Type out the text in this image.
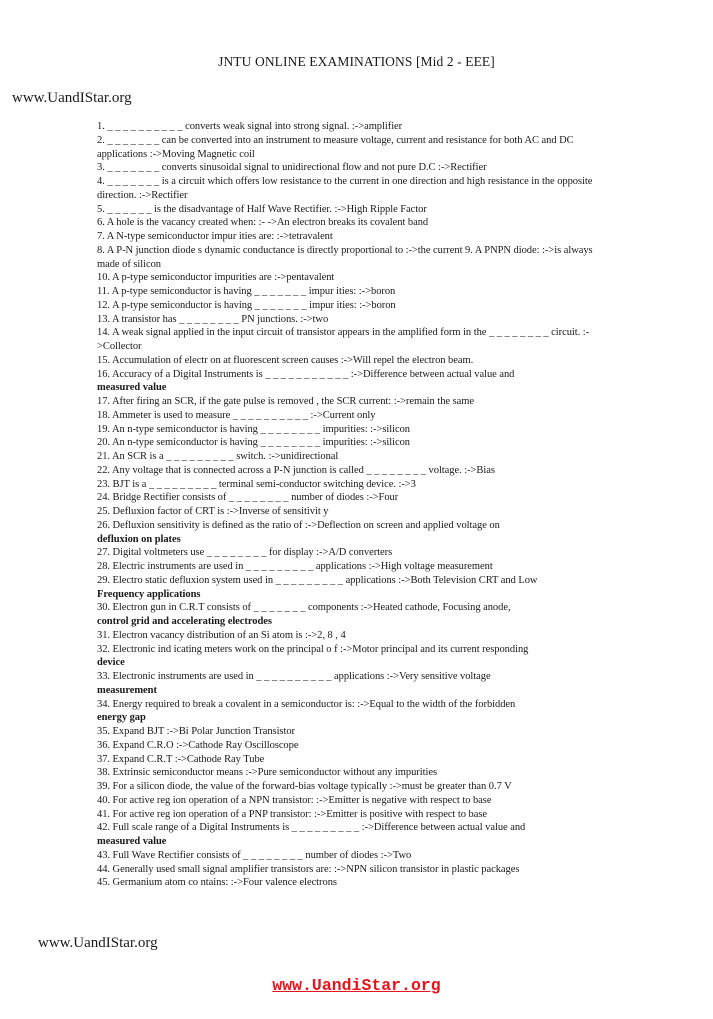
JNTU ONLINE EXAMINATIONS [Mid 2 - EEE]
www.UandIStar.org
1. _ _ _ _ _ _ _ _ _ _ converts weak signal into strong signal. :->amplifier
2. _ _ _ _ _ _ _ can be converted into an instrument to measure voltage, current and resistance for both AC and DC applications :->Moving Magnetic coil
3. _ _ _ _ _ _ _ converts sinusoidal signal to unidirectional flow and not pure D.C :->Rectifier
4. _ _ _ _ _ _ _ is a circuit which offers low resistance to the current in one direction and high resistance in the opposite direction. :->Rectifier
5. _ _ _ _ _ _ is the disadvantage of Half Wave Rectifier. :->High Ripple Factor
6. A hole is the vacancy created when: :- ->An electron breaks its covalent band
7. A N-type semiconductor impur ities are: :->tetravalent
8. A P-N junction diode s dynamic conductance is directly proportional to :->the current 9. A PNPN diode: :->is always made of silicon
10. A p-type semiconductor impurities are :->pentavalent
11. A p-type semiconductor is having _ _ _ _ _ _ _ impur ities: :->boron
12. A p-type semiconductor is having _ _ _ _ _ _ _ impur ities: :->boron
13. A transistor has _ _ _ _ _ _ _ _ PN junctions. :->two
14. A weak signal applied in the input circuit of transistor appears in the amplified form in the _ _ _ _ _ _ _ _ circuit. :->Collector
15. Accumulation of electr on at fluorescent screen causes :->Will repel the electron beam.
16. Accuracy of a Digital Instruments is _ _ _ _ _ _ _ _ _ _ _ :->Difference between actual value and
measured value
17. After firing an SCR, if the gate pulse is removed , the SCR current: :->remain the same
18. Ammeter is used to measure _ _ _ _ _ _ _ _ _ _ :->Current only
19. An n-type semiconductor is having _ _ _ _ _ _ _ _ impurities: :->silicon
20. An n-type semiconductor is having _ _ _ _ _ _ _ _ impurities: :->silicon
21. An SCR is a _ _ _ _ _ _ _ _ _ switch. :->unidirectional
22. Any voltage that is connected across a P-N junction is called _ _ _ _ _ _ _ _ voltage. :->Bias
23. BJT is a _ _ _ _ _ _ _ _ _ terminal semi-conductor switching device. :->3
24. Bridge Rectifier consists of _ _ _ _ _ _ _ _ number of diodes :->Four
25. Defluxion factor of CRT is :->Inverse of sensitivit y
26. Defluxion sensitivity is defined as the ratio of :->Deflection on screen and applied voltage on
defluxion on plates
27. Digital voltmeters use _ _ _ _ _ _ _ _ for display :->A/D converters
28. Electric instruments are used in _ _ _ _ _ _ _ _ _ applications :->High voltage measurement
29. Electro static defluxion system used in _ _ _ _ _ _ _ _ _ applications :->Both Television CRT and Low
Frequency applications
30. Electron gun in C.R.T consists of _ _ _ _ _ _ _ components :->Heated cathode, Focusing anode,
control grid and accelerating electrodes
31. Electron vacancy distribution of an Si atom is :->2, 8 , 4
32. Electronic ind icating meters work on the principal o f :->Motor principal and its current responding
device
33. Electronic instruments are used in _ _ _ _ _ _ _ _ _ _ applications :->Very sensitive voltage
measurement
34. Energy required to break a covalent in a semiconductor is: :->Equal to the width of the forbidden
energy gap
35. Expand BJT :->Bi Polar Junction Transistor
36. Expand C.R.O :->Cathode Ray Oscilloscope
37. Expand C.R.T :->Cathode Ray Tube
38. Extrinsic semiconductor means :->Pure semiconductor without any impurities
39. For a silicon diode, the value of the forward-bias voltage typically :->must be greater than 0.7 V
40. For active reg ion operation of a NPN transistor: :->Emitter is negative with respect to base
41. For active reg ion operation of a PNP transistor: :->Emitter is positive with respect to base
42. Full scale range of a Digital Instruments is _ _ _ _ _ _ _ _ _ :->Difference between actual value and
measured value
43. Full Wave Rectifier consists of _ _ _ _ _ _ _ _ number of diodes :->Two
44. Generally used small signal amplifier transistors are: :->NPN silicon transistor in plastic packages
45. Germanium atom co ntains: :->Four valence electrons
www.UandIStar.org
www.UandiStar.org
